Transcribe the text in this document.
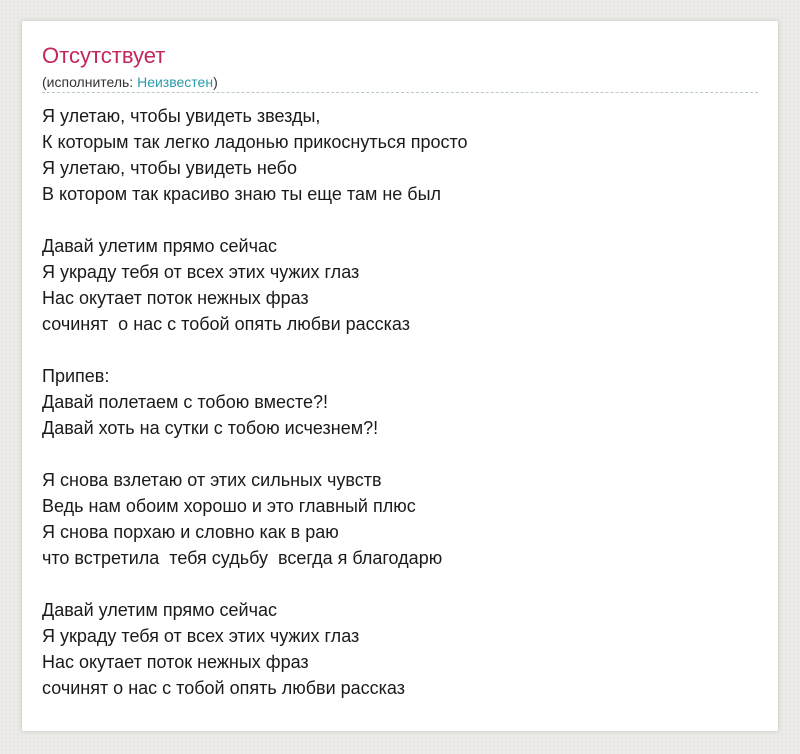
Отсутствует
(исполнитель: Неизвестен)
Я улетаю, чтобы увидеть звезды,
К которым так легко ладонью прикоснуться просто
Я улетаю, чтобы увидеть небо
В котором так красиво знаю ты еще там не был
Давай улетим прямо сейчас
Я украду тебя от всех этих чужих глаз
Нас окутает поток нежных фраз
сочинят  о нас с тобой опять любви рассказ
Припев:
Давай полетаем с тобою вместе?!
Давай хоть на сутки с тобою исчезнем?!
Я снова взлетаю от этих сильных чувств
Ведь нам обоим хорошо и это главный плюс
Я снова порхаю и словно как в раю
что встретила  тебя судьбу  всегда я благодарю
Давай улетим прямо сейчас
Я украду тебя от всех этих чужих глаз
Нас окутает поток нежных фраз
сочинят о нас с тобой опять любви рассказ
